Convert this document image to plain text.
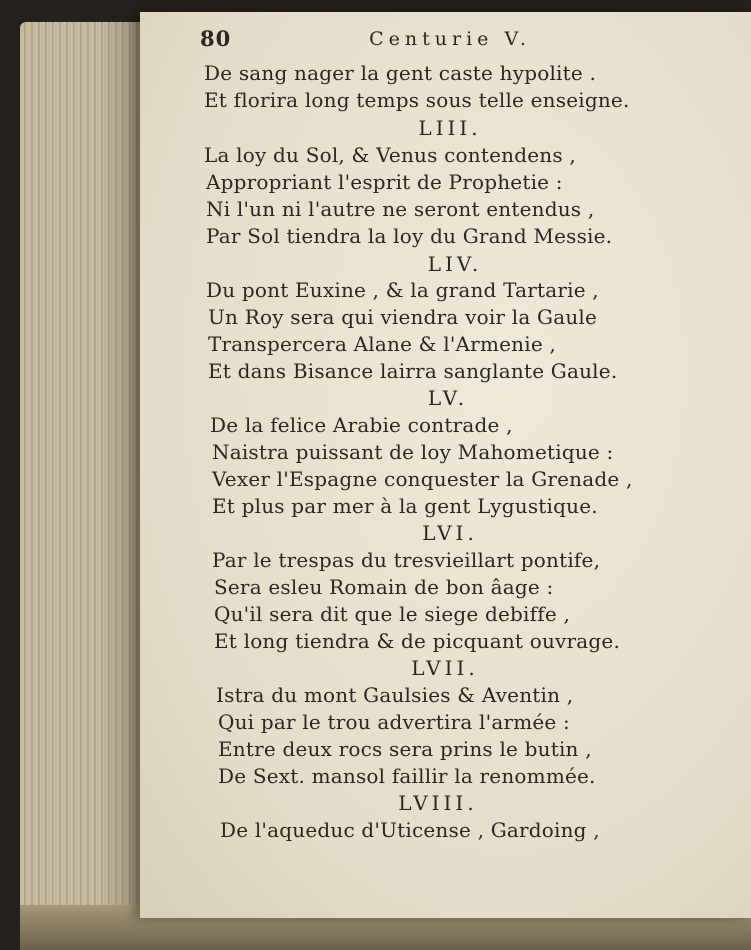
80	Centurie V.
De sang nager la gent caste hypolite .
Et florira long temps sous telle enseigne.
LIII.
La loy du Sol, & Venus contendens ,
Appropriant l'esprit de Prophetie :
Ni l'un ni l'autre ne seront entendus ,
Par Sol tiendra la loy du Grand Messie.
LIV.
Du pont Euxine , & la grand Tartarie ,
Un Roy sera qui viendra voir la Gaule
Transpercera Alane & l'Armenie ,
Et dans Bisance lairra sanglante Gaule.
LV.
De la felice Arabie contrade ,
Naistra puissant de loy Mahometique :
Vexer l'Espagne conquester la Grenade ,
Et plus par mer à la gent Lygustique.
LVI.
Par le trespas du tresvieillart pontife,
Sera esleu Romain de bon âage :
Qu'il sera dit que le siege debiffe ,
Et long tiendra & de picquant ouvrage.
LVII.
Istra du mont Gaulsies & Aventin ,
Qui par le trou advertira l'armée :
Entre deux rocs sera prins le butin ,
De Sext. mansol faillir la renommée.
LVIII.
De l'aqueduc d'Uticense , Gardoing ,
